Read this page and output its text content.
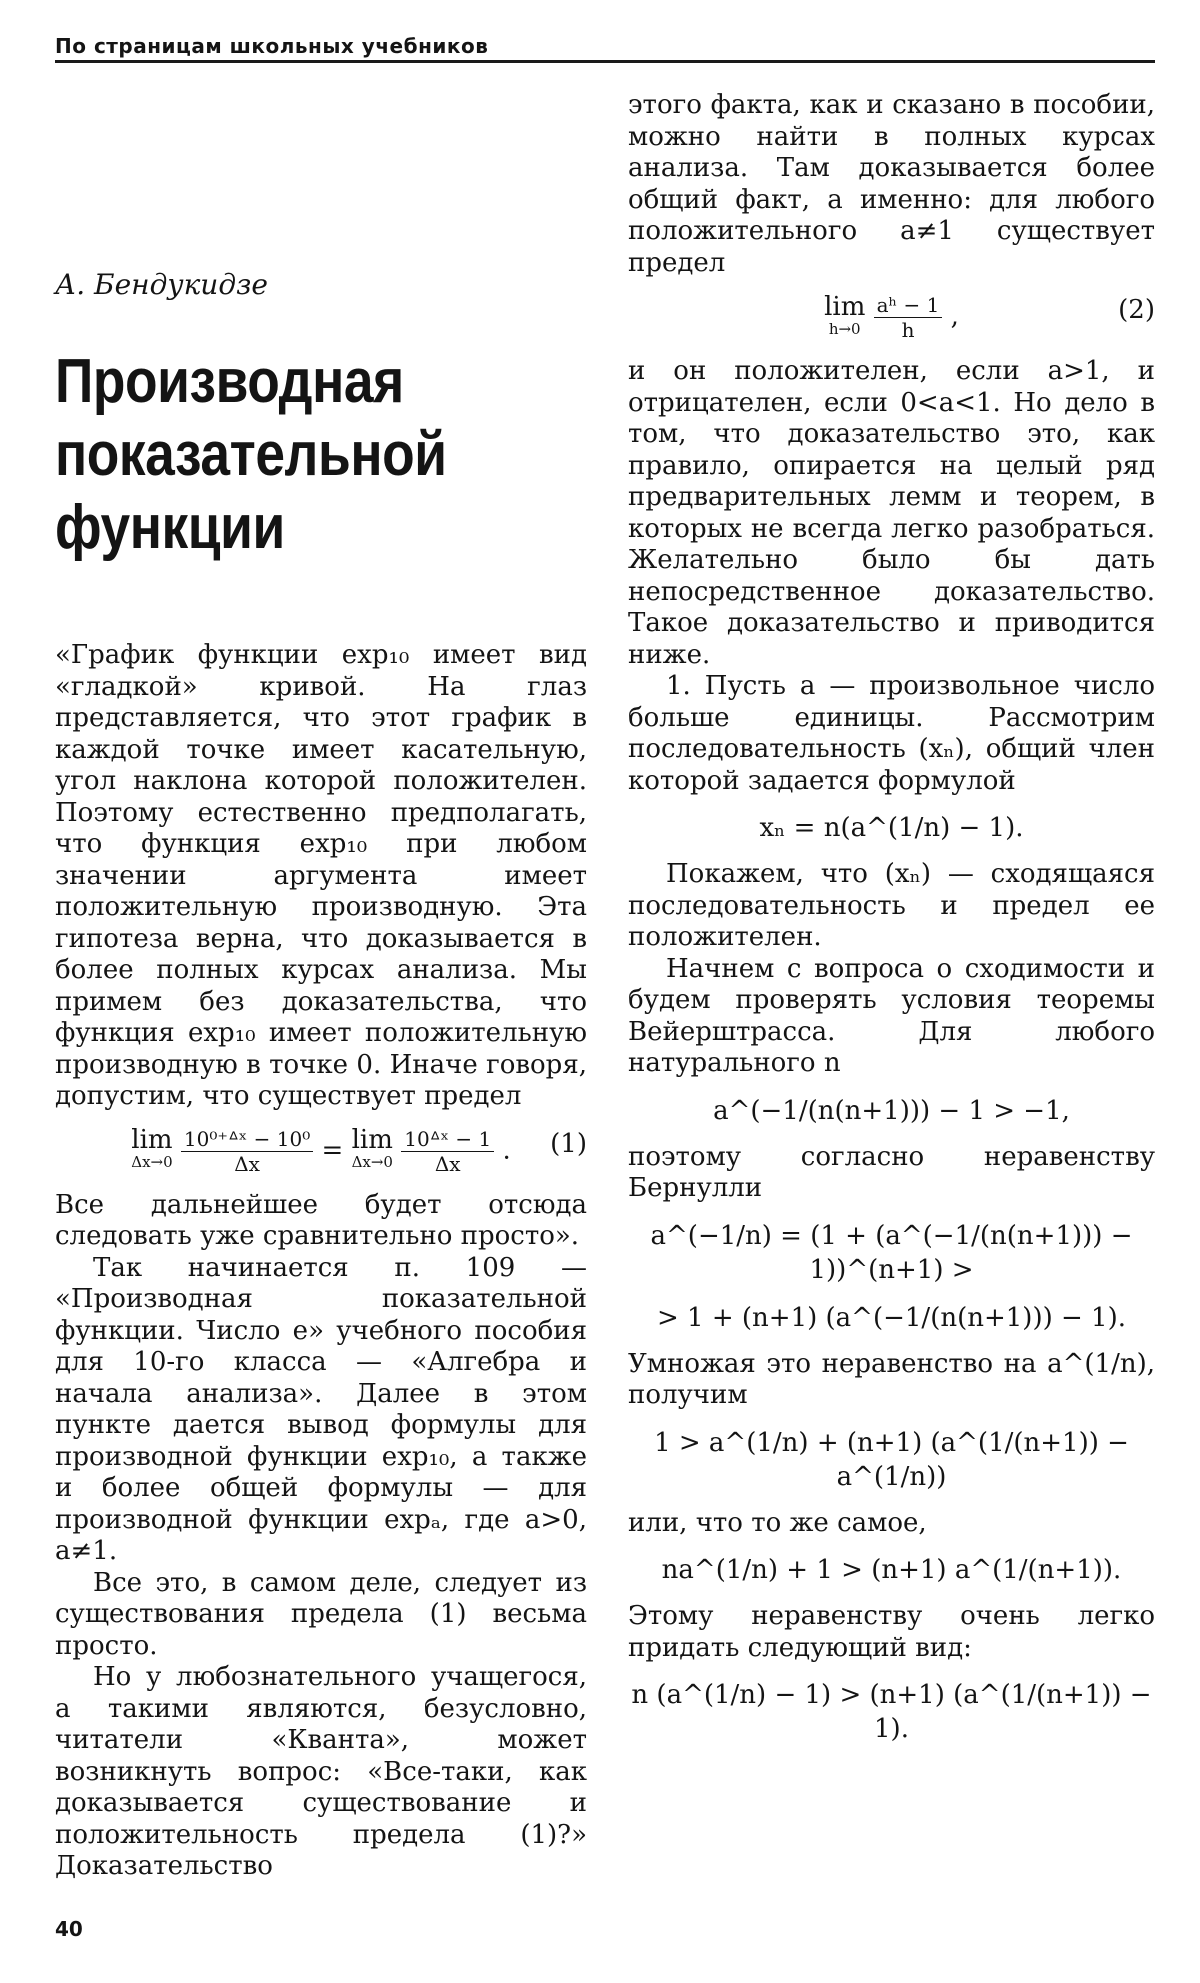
По страницам школьных учебников
А. Бендукидзе
Производная показательной функции

«График функции exp₁₀ имеет вид «гладкой» кривой. На глаз представляется, что этот график в каждой точке имеет касательную, угол наклона которой положителен. Поэтому естественно предполагать, что функция exp₁₀ при любом значении аргумента имеет положительную производную. Эта гипотеза верна, что доказывается в более полных курсах анализа. Мы примем без доказательства, что функция exp₁₀ имеет положительную производную в точке 0. Иначе говоря, допустим, что существует предел

lim
Δx→0
$\frac{\text{10⁰⁺ᐞˣ − 10⁰}}{\Delta x} = \lim$
Δx→0
$\frac{\text{10ᐞˣ − 1}}{\Delta x}$ . (1)

Все дальнейшее будет отсюда следовать уже сравнительно просто».

Так начинается п. 109 — «Производная показательной функции. Число e» учебного пособия для 10-го класса — «Алгебра и начала анализа». Далее в этом пункте дается вывод формулы для производной функции exp₁₀, а также и более общей формулы — для производной функции expₐ, где a>0, a≠1.

Все это, в самом деле, следует из существования предела (1) весьма просто.

Но у любознательного учащегося, а такими являются, безусловно, читатели «Кванта», может возникнуть вопрос: «Все-таки, как доказывается существование и положительность предела (1)?» Доказательство

этого факта, как и сказано в пособии, можно найти в полных курсах анализа. Там доказывается более общий факт, а именно: для любого положительного a≠1 существует предел

lim
h→0
$\frac{\text{aʰ − 1}}{h}$ ,	(2)

и он положителен, если a>1, и отрицателен, если 0<a<1. Но дело в том, что доказательство это, как правило, опирается на целый ряд предварительных лемм и теорем, в которых не всегда легко разобраться. Желательно было бы дать непосредственное доказательство. Такое доказательство и приводится ниже.

1. Пусть a — произвольное число больше единицы. Рассмотрим последовательность (xₙ), общий член которой задается формулой

xₙ = n(a^(1/n) − 1).

Покажем, что (xₙ) — сходящаяся последовательность и предел ее положителен.

Начнем с вопроса о сходимости и будем проверять условия теоремы Вейерштрасса. Для любого натурального n

a^(−1/(n(n+1))) − 1 > −1,

поэтому согласно неравенству Бернулли

a^(−1/n) = (1 + (a^(−1/(n(n+1))) − 1))^(n+1) >
> 1 + (n+1) (a^(−1/(n(n+1))) − 1).

Умножая это неравенство на a^(1/n), получим

1 > a^(1/n) + (n+1) (a^(1/(n+1)) − a^(1/n))

или, что то же самое,

na^(1/n) + 1 > (n+1) a^(1/(n+1)).

Этому неравенству очень легко придать следующий вид:

n (a^(1/n) − 1) > (n+1) (a^(1/(n+1)) − 1).
40
